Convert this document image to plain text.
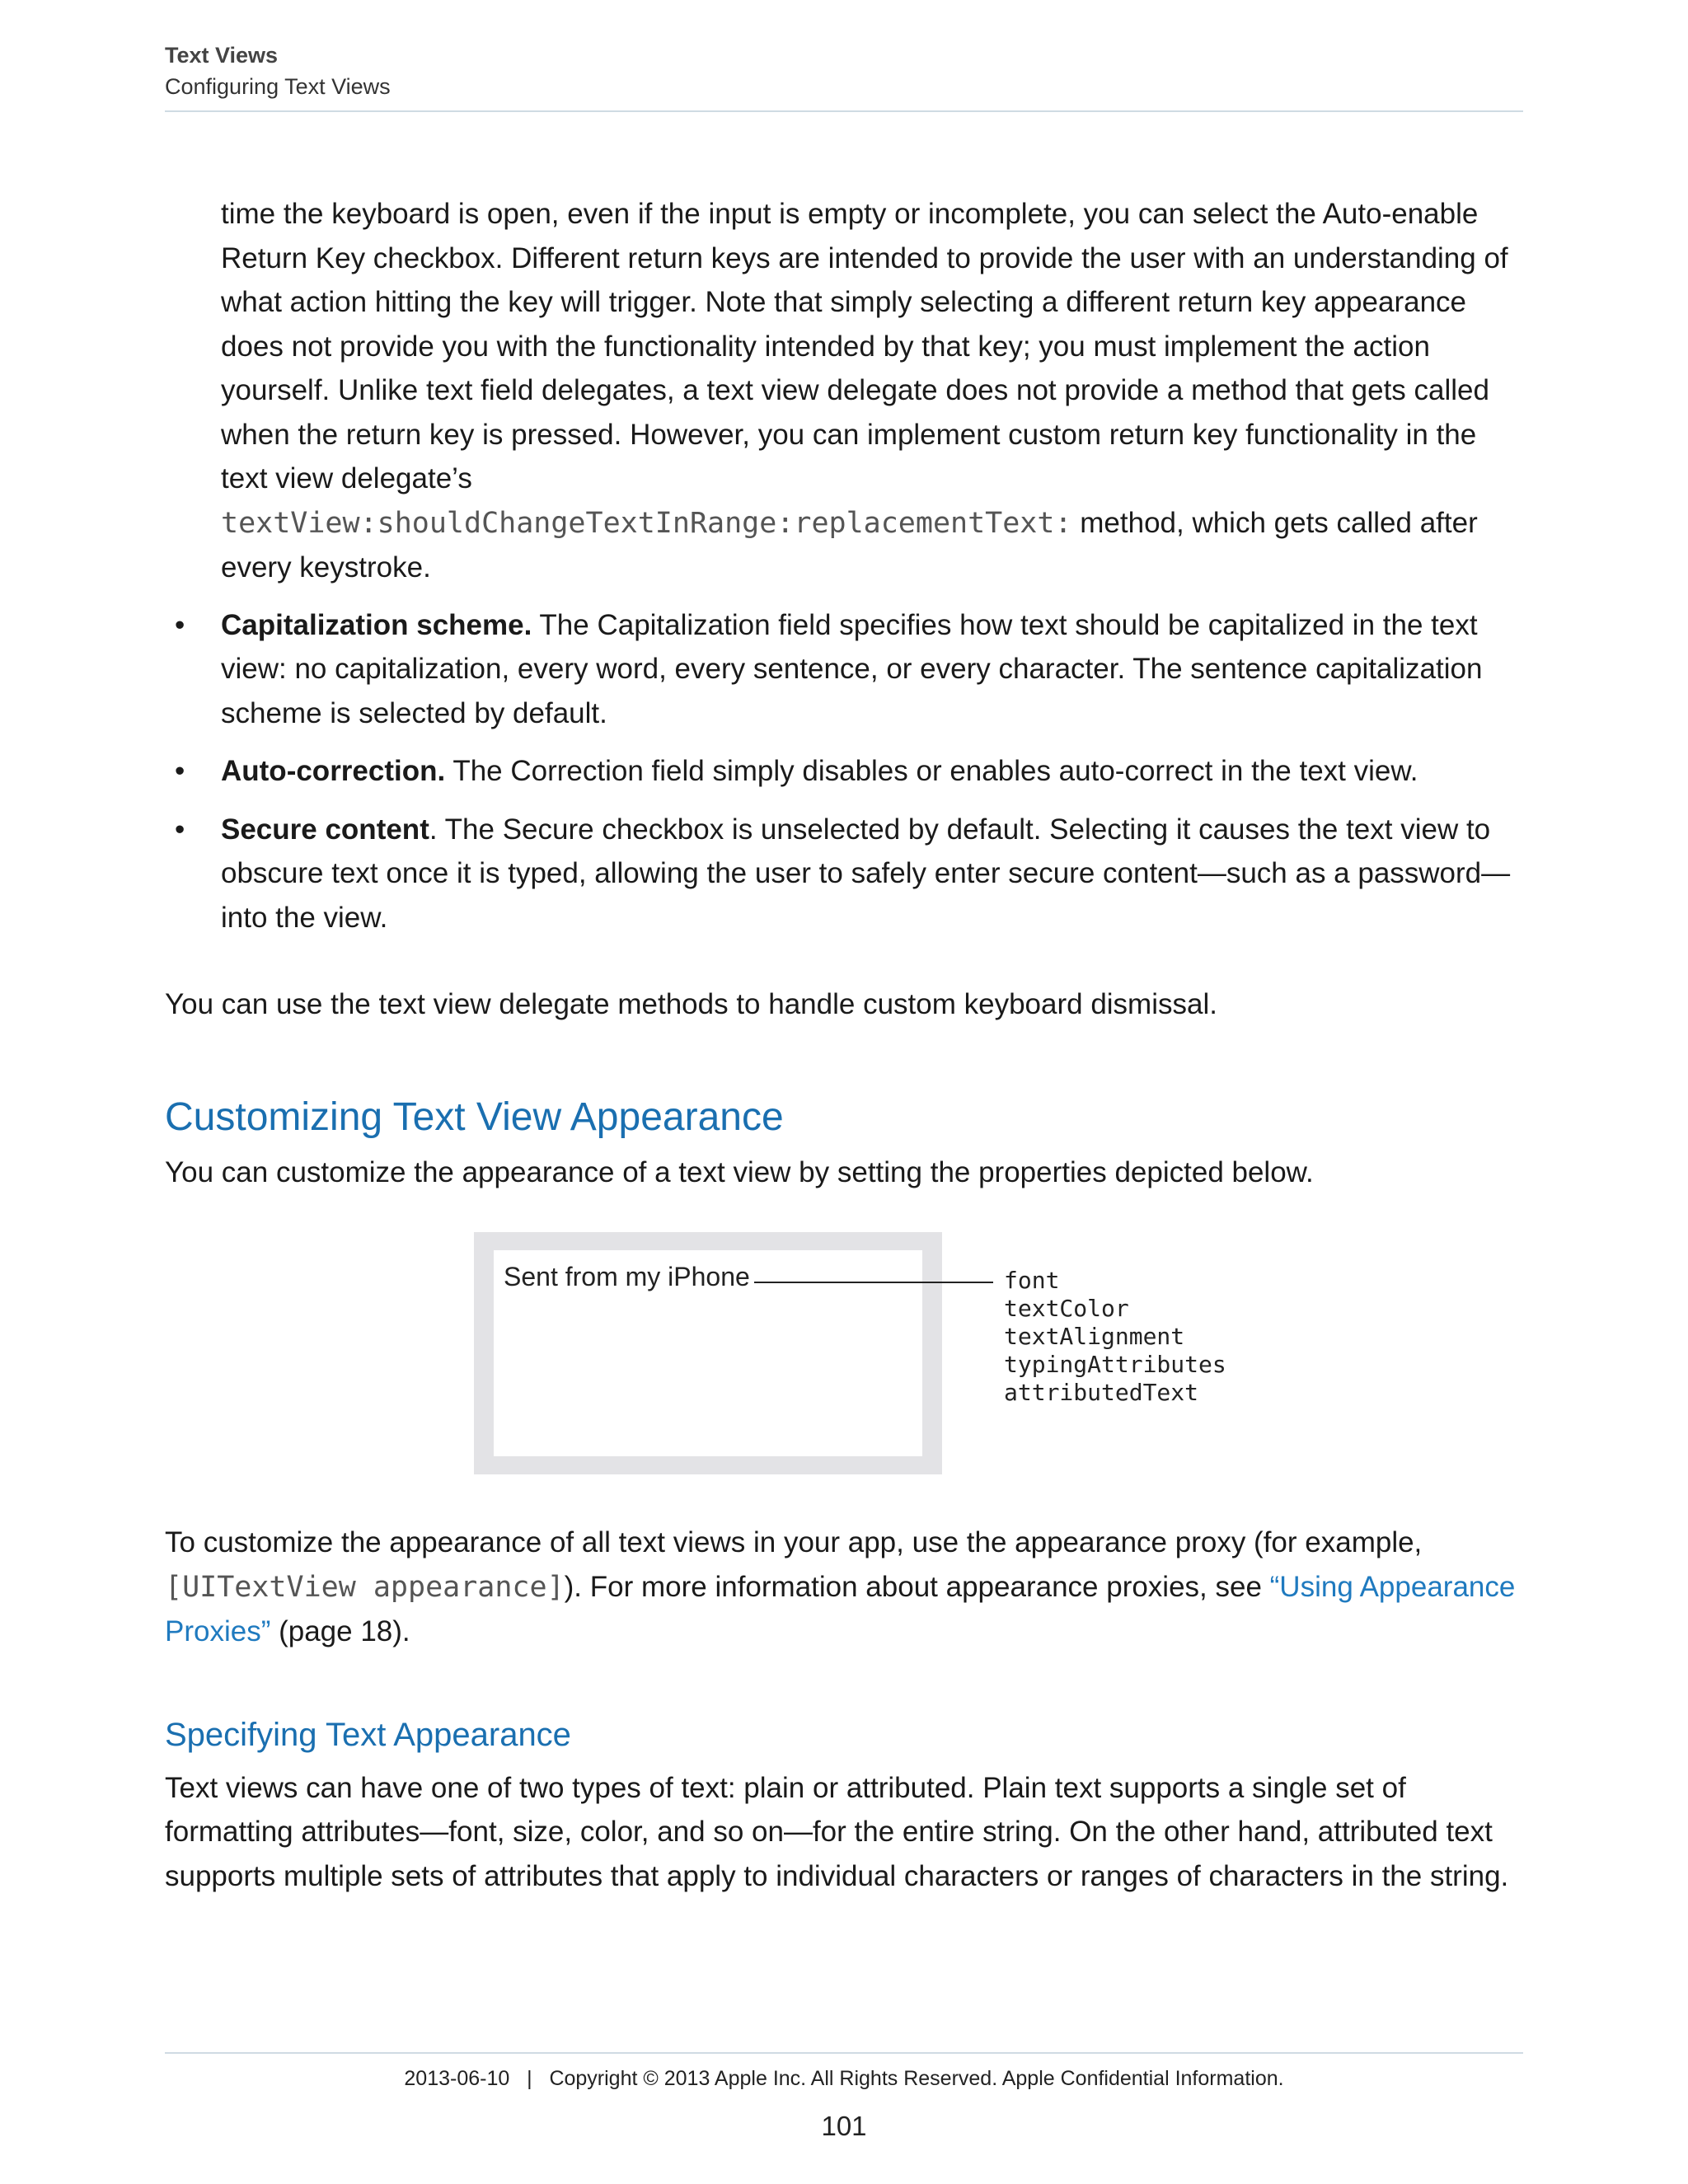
Text Views
Configuring Text Views

time the keyboard is open, even if the input is empty or incomplete, you can select the Auto-enable Return Key checkbox. Different return keys are intended to provide the user with an understanding of what action hitting the key will trigger. Note that simply selecting a different return key appearance does not provide you with the functionality intended by that key; you must implement the action yourself. Unlike text field delegates, a text view delegate does not provide a method that gets called when the return key is pressed. However, you can implement custom return key functionality in the text view delegate’s
textView:shouldChangeTextInRange:replacementText: method, which gets called after every keystroke.

• Capitalization scheme. The Capitalization field specifies how text should be capitalized in the text view: no capitalization, every word, every sentence, or every character. The sentence capitalization scheme is selected by default.
• Auto-correction. The Correction field simply disables or enables auto-correct in the text view.
• Secure content. The Secure checkbox is unselected by default. Selecting it causes the text view to obscure text once it is typed, allowing the user to safely enter secure content—such as a password—into the view.

You can use the text view delegate methods to handle custom keyboard dismissal.

Customizing Text View Appearance

You can customize the appearance of a text view by setting the properties depicted below.

Sent from my iPhone	font
textColor
textAlignment
typingAttributes
attributedText

To customize the appearance of all text views in your app, use the appearance proxy (for example, [UITextView appearance]). For more information about appearance proxies, see “Using Appearance Proxies” (page 18).

Specifying Text Appearance

Text views can have one of two types of text: plain or attributed. Plain text supports a single set of formatting attributes—font, size, color, and so on—for the entire string. On the other hand, attributed text supports multiple sets of attributes that apply to individual characters or ranges of characters in the string.

2013-06-10   |   Copyright © 2013 Apple Inc. All Rights Reserved. Apple Confidential Information.
101
